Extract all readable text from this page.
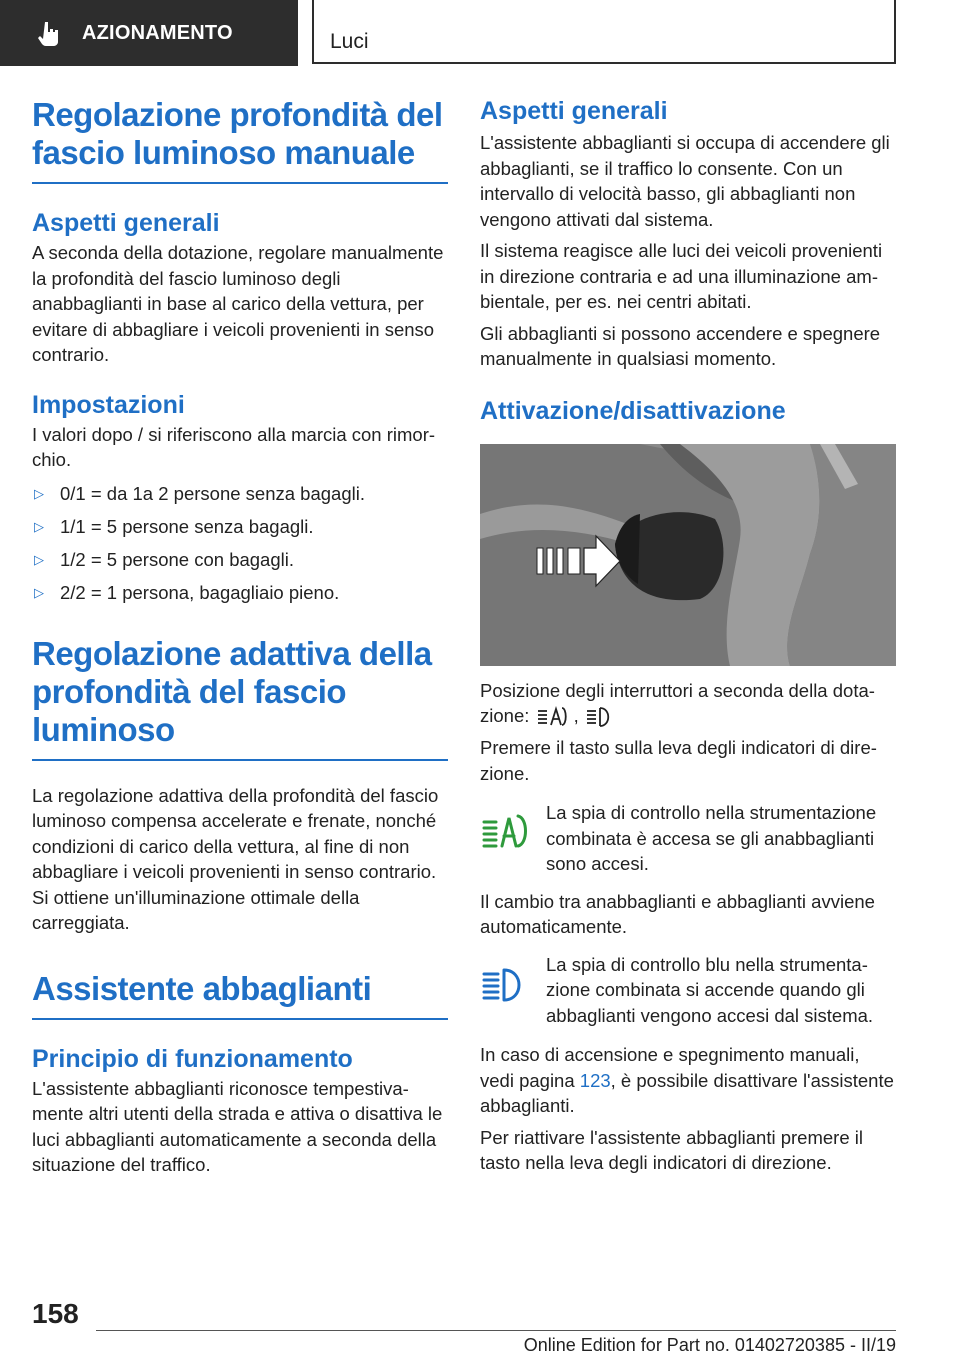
AZIONAMENTO	Luci
Regolazione profondità del fascio luminoso manuale
Aspetti generali

A seconda della dotazione, regolare manualmente la profondità del fascio luminoso degli anabbaglianti in base al carico della vettura, per evitare di abbagliare i veicoli provenienti in senso contrario.

Impostazioni

I valori dopo / si riferiscono alla marcia con rimorchio.

▷ 0/1 = da 1a 2 persone senza bagagli.
▷ 1/1 = 5 persone senza bagagli.
▷ 1/2 = 5 persone con bagagli.
▷ 2/2 = 1 persona, bagagliaio pieno.
Regolazione adattiva della profondità del fascio luminoso

La regolazione adattiva della profondità del fascio luminoso compensa accelerate e frenate, nonché condizioni di carico della vettura, al fine di non abbagliare i veicoli provenienti in senso contrario. Si ottiene un'illuminazione ottimale della carreggiata.

Assistente abbaglianti
Principio di funzionamento

L'assistente abbaglianti riconosce tempestivamente altri utenti della strada e attiva o disattiva le luci abbaglianti automaticamente a seconda della situazione del traffico.

Aspetti generali

L'assistente abbaglianti si occupa di accendere gli abbaglianti, se il traffico lo consente. Con un intervallo di velocità basso, gli abbaglianti non vengono attivati dal sistema.

Il sistema reagisce alle luci dei veicoli provenienti in direzione contraria e ad una illuminazione ambientale, per es. nei centri abitati.

Gli abbaglianti si possono accendere e spegnere manualmente in qualsiasi momento.

Attivazione/disattivazione

Posizione degli interruttori a seconda della dotazione: ,

Premere il tasto sulla leva degli indicatori di direzione.

La spia di controllo nella strumentazione combinata è accesa se gli anabbaglianti sono accesi.

Il cambio tra anabbaglianti e abbaglianti avviene automaticamente.

La spia di controllo blu nella strumentazione combinata si accende quando gli abbaglianti vengono accesi dal sistema.

In caso di accensione e spegnimento manuali, vedi pagina 123, è possibile disattivare l'assistente abbaglianti.

Per riattivare l'assistente abbaglianti premere il tasto nella leva degli indicatori di direzione.

158
Online Edition for Part no. 01402720385 - II/19
